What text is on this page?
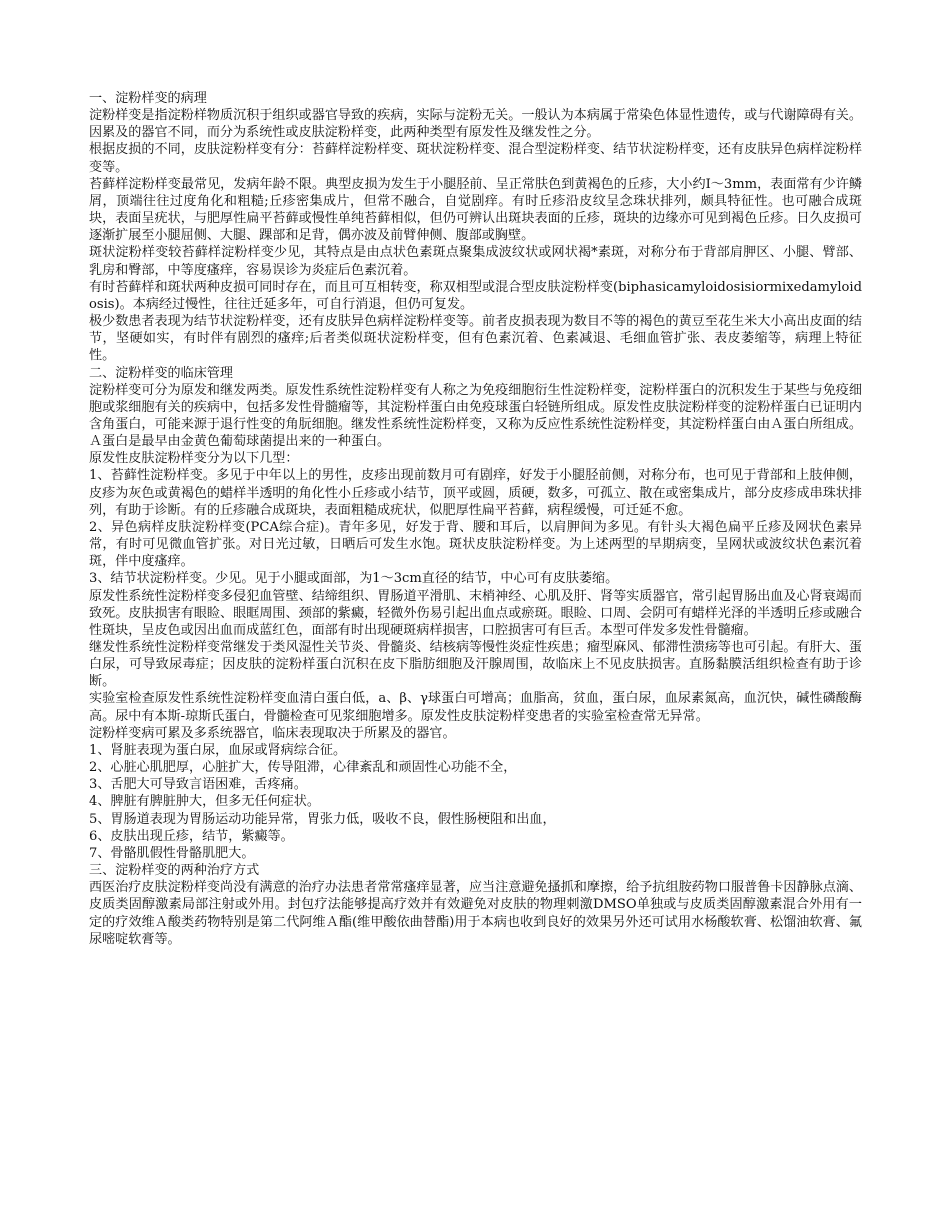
一、淀粉样变的病理

淀粉样变是指淀粉样物质沉积于组织或器官导致的疾病，实际与淀粉无关。一般认为本病属于常染色体显性遗传，或与代谢障碍有关。因累及的器官不同，而分为系统性或皮肤淀粉样变，此两种类型有原发性及继发性之分。

根据皮损的不同，皮肤淀粉样变有分：苔藓样淀粉样变、斑状淀粉样变、混合型淀粉样变、结节状淀粉样变，还有皮肤异色病样淀粉样变等。

苔藓样淀粉样变最常见，发病年龄不限。典型皮损为发生于小腿胫前、呈正常肤色到黄褐色的丘疹，大小约I～3mm，表面常有少许鳞屑，顶端往往过度角化和粗糙;丘疹密集成片，但常不融合，自觉剧痒。有时丘疹沿皮纹呈念珠状排列，颇具特征性。也可融合成斑块，表面呈疣状，与肥厚性扁平苔藓或慢性单纯苔藓相似，但仍可辨认出斑块表面的丘疹，斑块的边缘亦可见到褐色丘疹。日久皮损可逐渐扩展至小腿屈侧、大腿、踝部和足背，偶亦波及前臂伸侧、腹部或胸壁。

斑状淀粉样变较苔藓样淀粉样变少见，其特点是由点状色素斑点聚集成波纹状或网状褐*素斑，对称分布于背部肩胛区、小腿、臂部、乳房和臀部，中等度瘙痒，容易误诊为炎症后色素沉着。

有时苔藓样和斑状两种皮损可同时存在，而且可互相转变，称双相型或混合型皮肤淀粉样变(biphasicamyloidosisiormixedamyloidosis)。本病经过慢性，往往迁延多年，可自行消退，但仍可复发。

极少数患者表现为结节状淀粉样变，还有皮肤异色病样淀粉样变等。前者皮损表现为数目不等的褐色的黄豆至花生米大小高出皮面的结节，坚硬如实，有时伴有剧烈的瘙痒;后者类似斑状淀粉样变，但有色素沉着、色素减退、毛细血管扩张、表皮萎缩等，病理上特征性。

二、淀粉样变的临床管理

淀粉样变可分为原发和继发两类。原发性系统性淀粉样变有人称之为免疫细胞衍生性淀粉样变，淀粉样蛋白的沉积发生于某些与免疫细胞或浆细胞有关的疾病中，包括多发性骨髓瘤等，其淀粉样蛋白由免疫球蛋白轻链所组成。原发性皮肤淀粉样变的淀粉样蛋白已证明内含角蛋白，可能来源于退行性变的角朊细胞。继发性系统性淀粉样变，又称为反应性系统性淀粉样变，其淀粉样蛋白由Ａ蛋白所组成。Ａ蛋白是最早由金黄色葡萄球菌提出来的一种蛋白。

原发性皮肤淀粉样变分为以下几型：

1、苔藓性淀粉样变。多见于中年以上的男性，皮疹出现前数月可有剧痒，好发于小腿胫前侧，对称分布，也可见于背部和上肢伸侧，皮疹为灰色或黄褐色的蜡样半透明的角化性小丘疹或小结节，顶平或圆，质硬，数多，可孤立、散在或密集成片，部分皮疹成串珠状排列，有助于诊断。有的丘疹融合成斑块，表面粗糙成疣状，似肥厚性扁平苔藓，病程缓慢，可迁延不愈。

2、异色病样皮肤淀粉样变(PCA综合症)。青年多见，好发于背、腰和耳后，以肩胛间为多见。有针头大褐色扁平丘疹及网状色素异常，有时可见微血管扩张。对日光过敏，日晒后可发生水饱。斑状皮肤淀粉样变。为上述两型的早期病变，呈网状或波纹状色素沉着斑，伴中度瘙痒。

3、结节状淀粉样变。少见。见于小腿或面部，为1～3cm直径的结节，中心可有皮肤萎缩。

原发性系统性淀粉样变多侵犯血管壁、结缔组织、胃肠道平滑肌、末梢神经、心肌及肝、肾等实质器官，常引起胃肠出血及心肾衰竭而致死。皮肤损害有眼睑、眼眶周围、颈部的紫癜，轻微外伤易引起出血点或瘀斑。眼睑、口周、会阴可有蜡样光泽的半透明丘疹或融合性斑块，呈皮色或因出血而成蓝红色，面部有时出现硬斑病样损害，口腔损害可有巨舌。本型可伴发多发性骨髓瘤。

继发性系统性淀粉样变常继发于类风湿性关节炎、骨髓炎、结核病等慢性炎症性疾患；瘤型麻风、郁滞性溃疡等也可引起。有肝大、蛋白尿，可导致尿毒症；因皮肤的淀粉样蛋白沉积在皮下脂肪细胞及汗腺周围，故临床上不见皮肤损害。直肠黏膜活组织检查有助于诊断。

实验室检查原发性系统性淀粉样变血清白蛋白低，a、β、γ球蛋白可增高；血脂高，贫血，蛋白尿，血尿素氮高，血沉快，碱性磷酸酶高。尿中有本斯-琼斯氏蛋白，骨髓检查可见浆细胞增多。原发性皮肤淀粉样变患者的实验室检查常无异常。

淀粉样变病可累及多系统器官，临床表现取决于所累及的器官。

1、肾脏表现为蛋白尿，血尿或肾病综合征。

2、心脏心肌肥厚，心脏扩大，传导阻滞，心律紊乱和顽固性心功能不全，

3、舌肥大可导致言语困难，舌疼痛。

4、脾脏有脾脏肿大，但多无任何症状。

5、胃肠道表现为胃肠运动功能异常，胃张力低，吸收不良，假性肠梗阻和出血，

6、皮肤出现丘疹，结节，紫癜等。

7、骨骼肌假性骨骼肌肥大。

三、淀粉样变的两种治疗方式

西医治疗皮肤淀粉样变尚没有满意的治疗办法患者常常瘙痒显著，应当注意避免搔抓和摩擦，给予抗组胺药物口服普鲁卡因静脉点滴、皮质类固醇激素局部注射或外用。封包疗法能够提高疗效并有效避免对皮肤的物理刺激DMSO单独或与皮质类固醇激素混合外用有一定的疗效维Ａ酸类药物特别是第二代阿维Ａ酯(维甲酸依曲替酯)用于本病也收到良好的效果另外还可试用水杨酸软膏、松馏油软膏、氟尿嘧啶软膏等。
